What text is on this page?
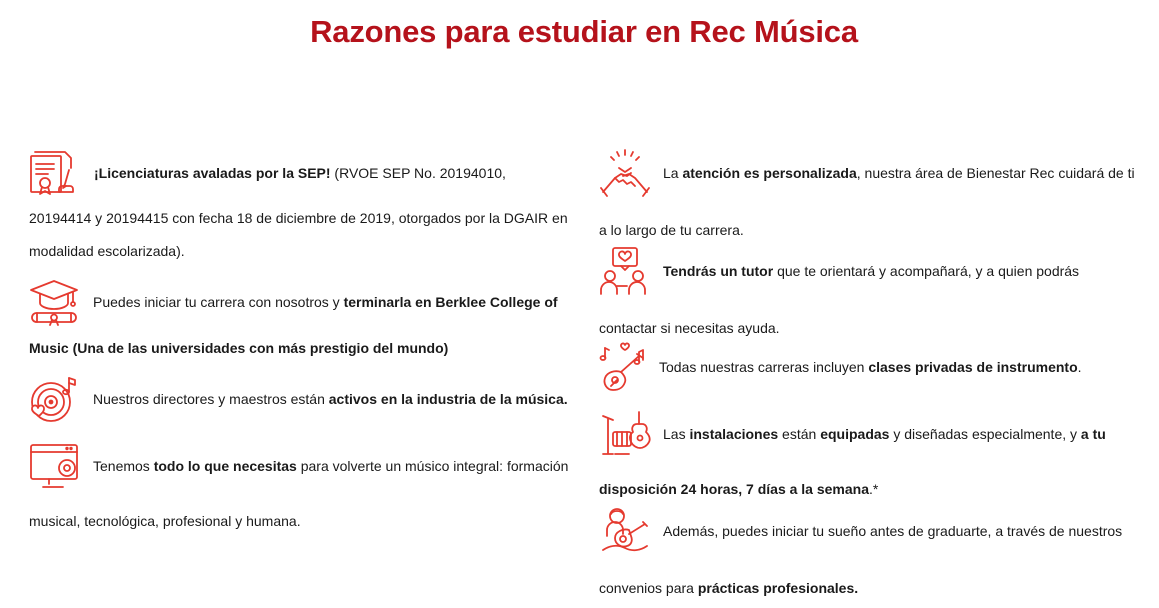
Razones para estudiar en Rec Música
¡Licenciaturas avaladas por la SEP! (RVOE SEP No. 20194010,

20194414 y 20194415 con fecha 18 de diciembre de 2019, otorgados por la DGAIR en

modalidad escolarizada).

Puedes iniciar tu carrera con nosotros y terminarla en Berklee College of

Music (Una de las universidades con más prestigio del mundo)

Nuestros directores y maestros están activos en la industria de la música.
Tenemos todo lo que necesitas para volverte un músico integral: formación

musical, tecnológica, profesional y humana.

La atención es personalizada, nuestra área de Bienestar Rec cuidará de ti

a lo largo de tu carrera.

Tendrás un tutor que te orientará y acompañará, y a quien podrás

contactar si necesitas ayuda.

Todas nuestras carreras incluyen clases privadas de instrumento.
Las instalaciones están equipadas y diseñadas especialmente, y a tu

disposición 24 horas, 7 días a la semana.*

Además, puedes iniciar tu sueño antes de graduarte, a través de nuestros

convenios para prácticas profesionales.
